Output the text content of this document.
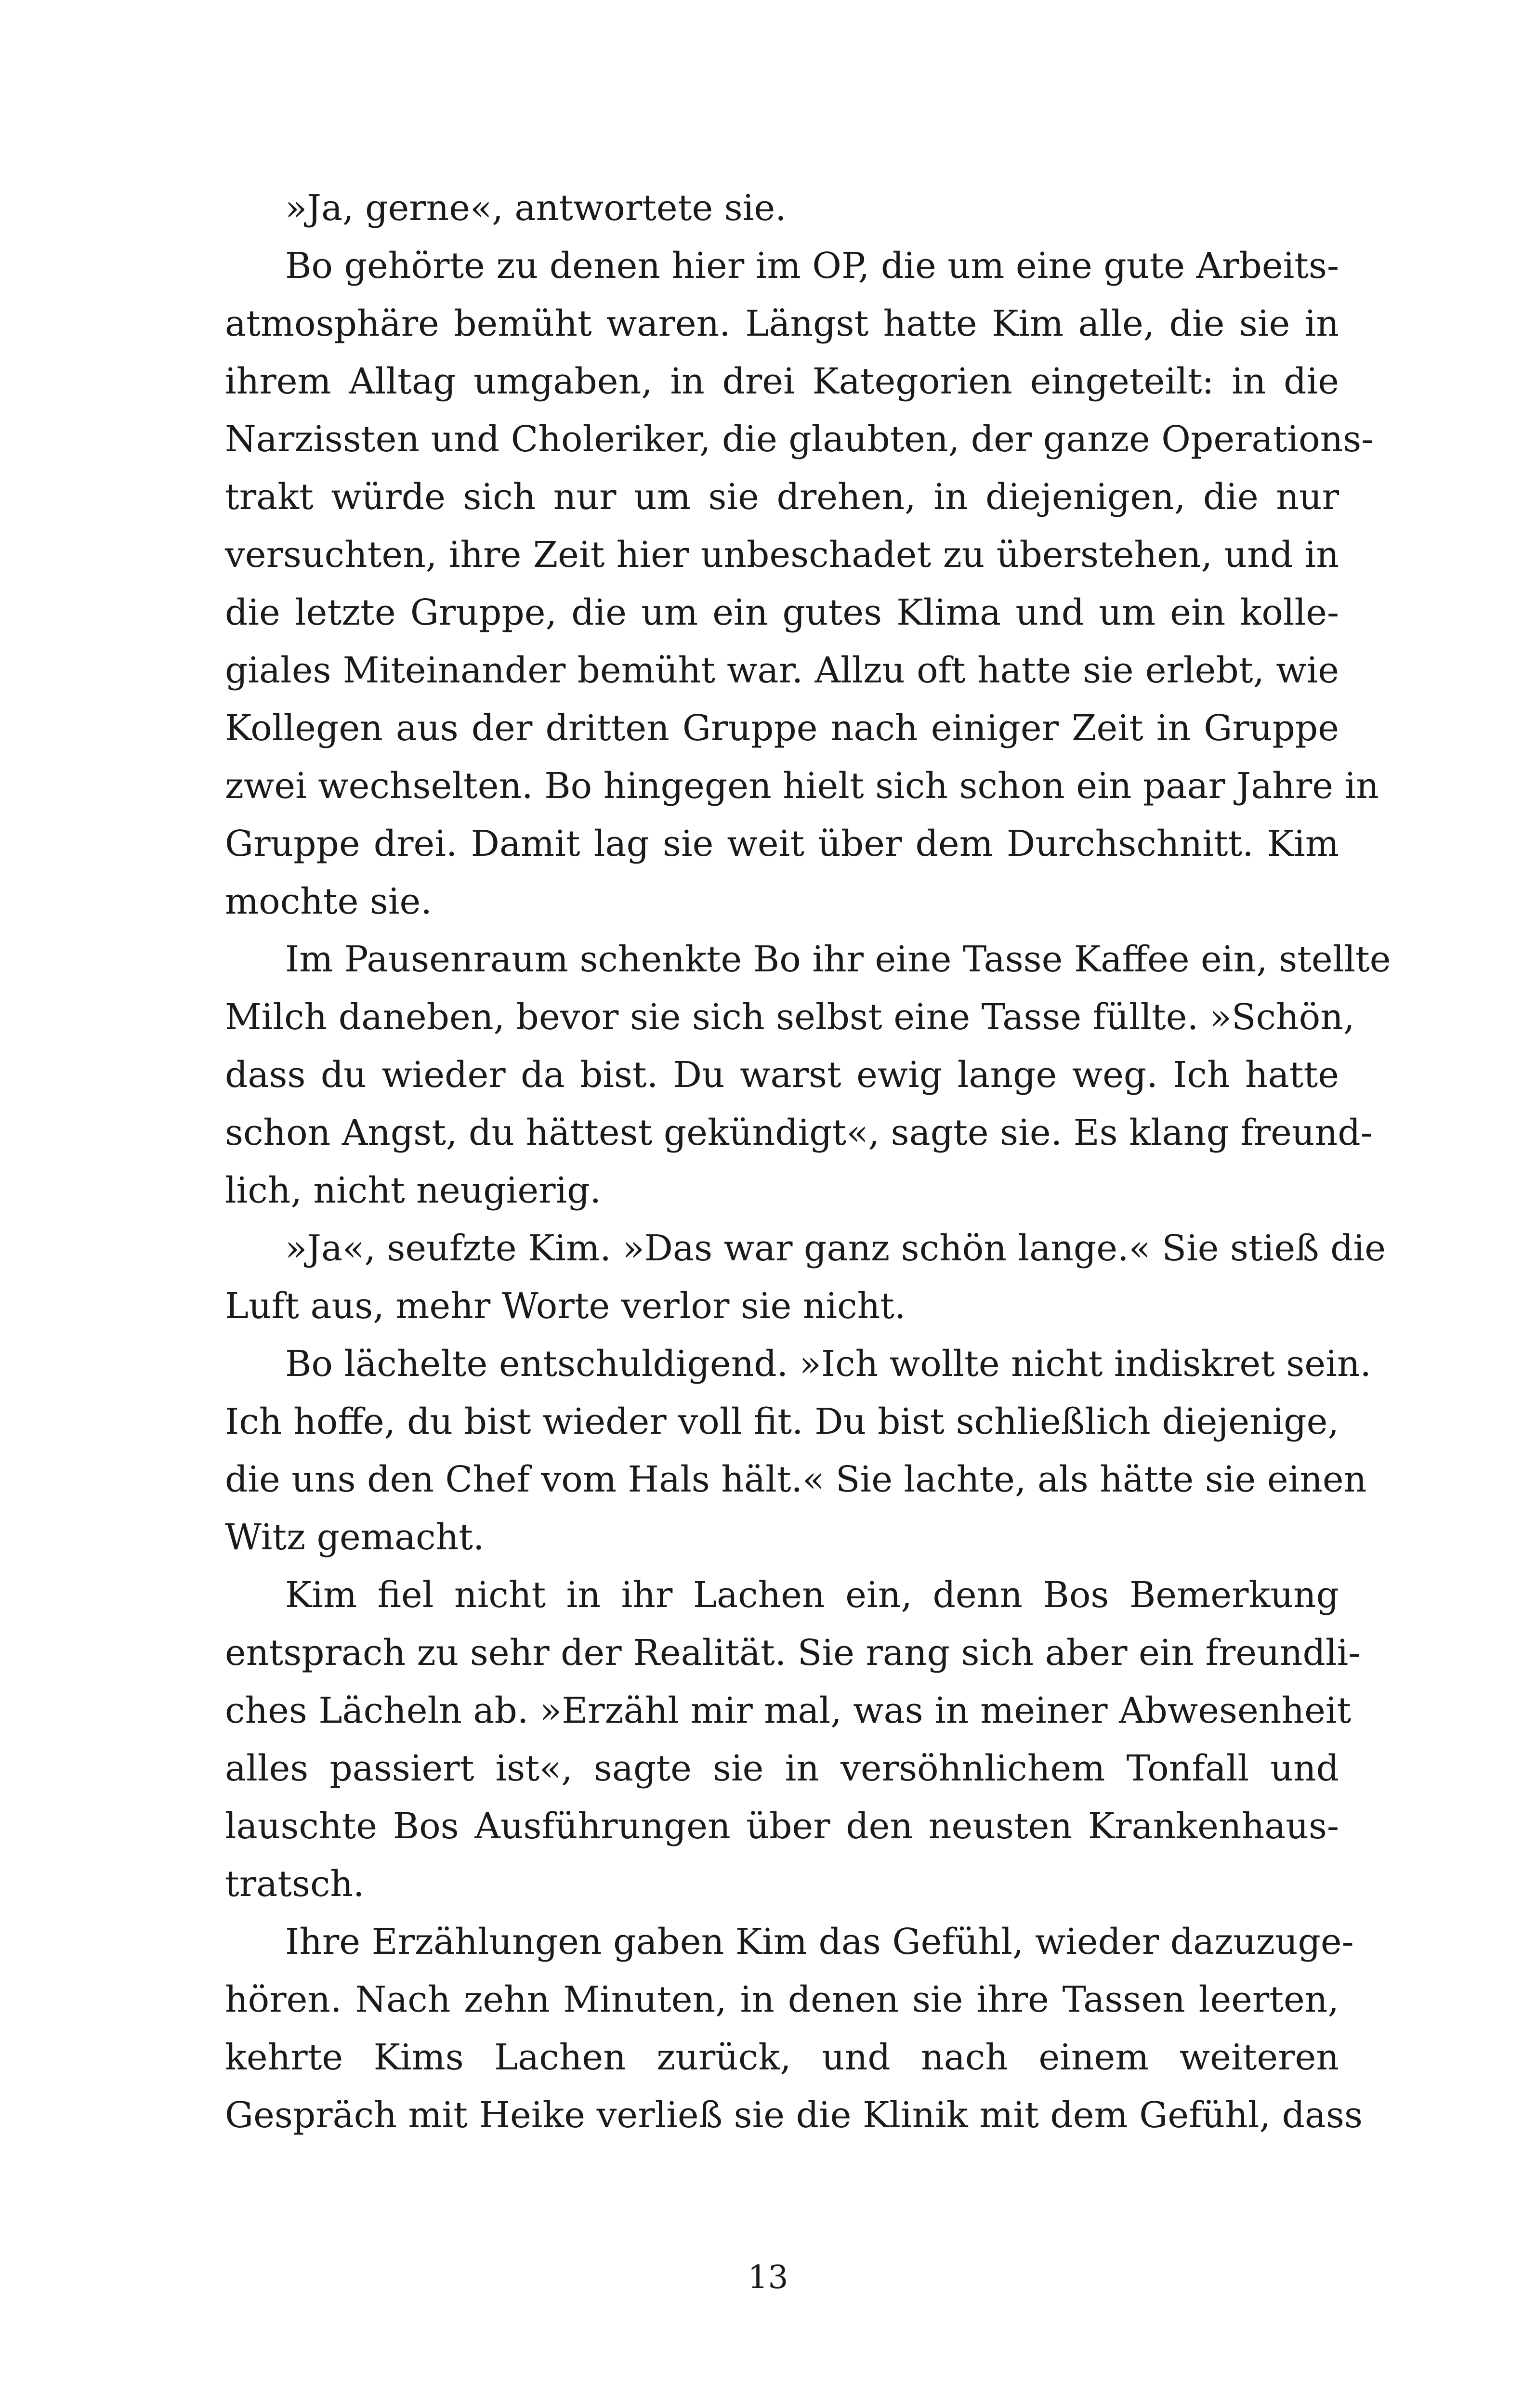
»Ja, gerne«, antwortete sie.
Bo gehörte zu denen hier im OP, die um eine gute Arbeits-
atmosphäre bemüht waren. Längst hatte Kim alle, die sie in
ihrem Alltag umgaben, in drei Kategorien eingeteilt: in die
Narzissten und Choleriker, die glaubten, der ganze Operations-
trakt würde sich nur um sie drehen, in diejenigen, die nur
versuchten, ihre Zeit hier unbeschadet zu überstehen, und in
die letzte Gruppe, die um ein gutes Klima und um ein kolle-
giales Miteinander bemüht war. Allzu oft hatte sie erlebt, wie
Kollegen aus der dritten Gruppe nach einiger Zeit in Gruppe
zwei wechselten. Bo hingegen hielt sich schon ein paar Jahre in
Gruppe drei. Damit lag sie weit über dem Durchschnitt. Kim
mochte sie.
Im Pausenraum schenkte Bo ihr eine Tasse Kaffee ein, stellte
Milch daneben, bevor sie sich selbst eine Tasse füllte. »Schön,
dass du wieder da bist. Du warst ewig lange weg. Ich hatte
schon Angst, du hättest gekündigt«, sagte sie. Es klang freund-
lich, nicht neugierig.
»Ja«, seufzte Kim. »Das war ganz schön lange.« Sie stieß die
Luft aus, mehr Worte verlor sie nicht.
Bo lächelte entschuldigend. »Ich wollte nicht indiskret sein.
Ich hoffe, du bist wieder voll fit. Du bist schließlich diejenige,
die uns den Chef vom Hals hält.« Sie lachte, als hätte sie einen
Witz gemacht.
Kim fiel nicht in ihr Lachen ein, denn Bos Bemerkung
entsprach zu sehr der Realität. Sie rang sich aber ein freundli-
ches Lächeln ab. »Erzähl mir mal, was in meiner Abwesenheit
alles passiert ist«, sagte sie in versöhnlichem Tonfall und
lauschte Bos Ausführungen über den neusten Krankenhaus-
tratsch.
Ihre Erzählungen gaben Kim das Gefühl, wieder dazuzuge-
hören. Nach zehn Minuten, in denen sie ihre Tassen leerten,
kehrte Kims Lachen zurück, und nach einem weiteren
Gespräch mit Heike verließ sie die Klinik mit dem Gefühl, dass
13
